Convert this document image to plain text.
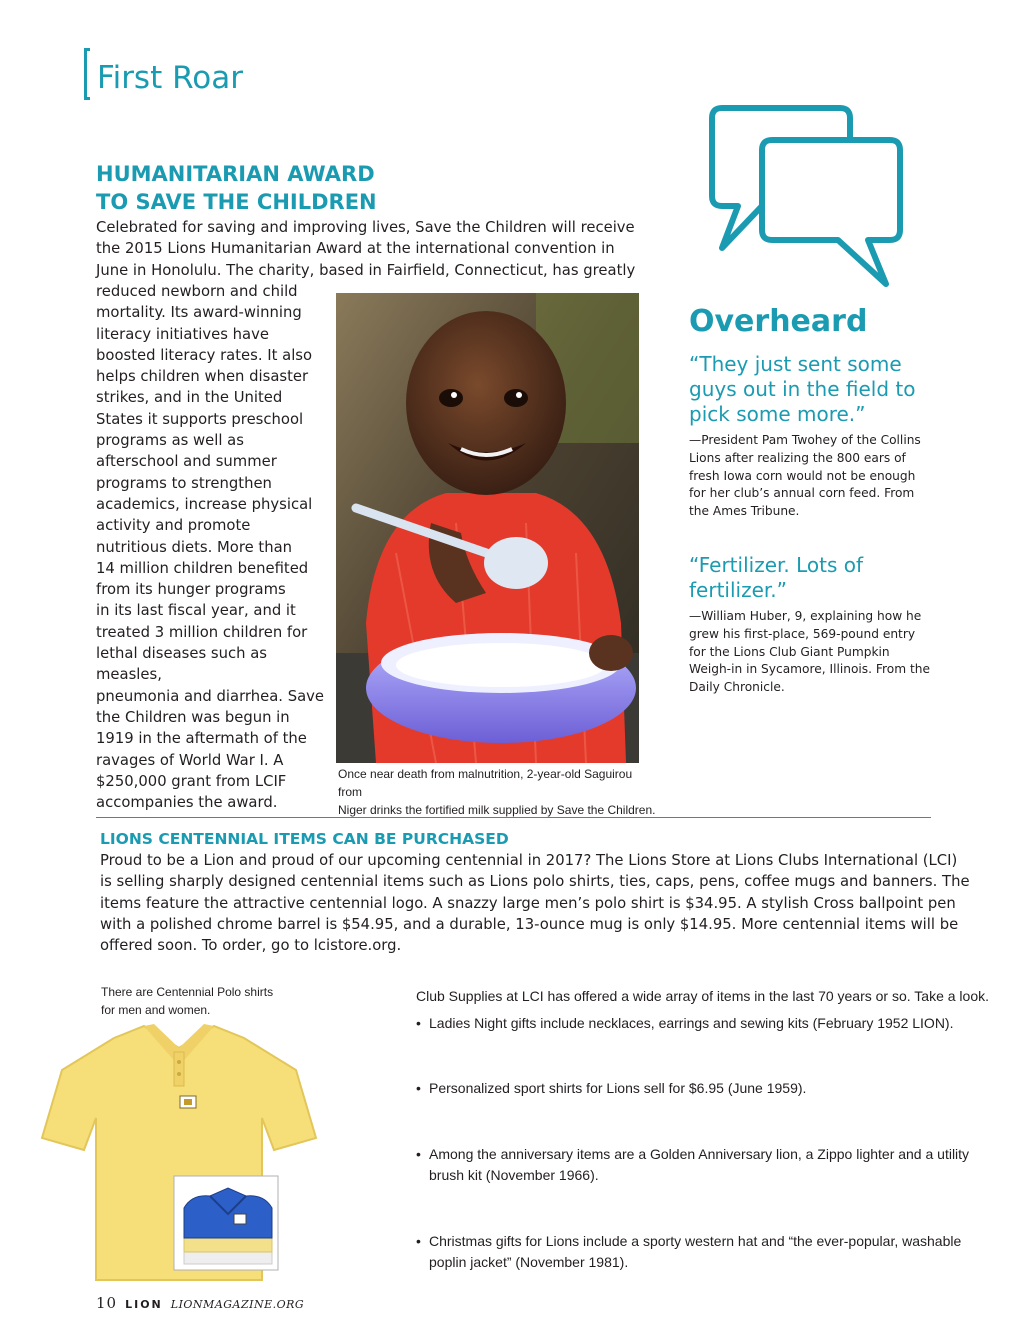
First Roar
HUMANITARIAN AWARD
TO SAVE THE CHILDREN
Celebrated for saving and improving lives, Save the Children will receive
the 2015 Lions Humanitarian Award at the international convention in
June in Honolulu. The charity, based in Fairfield, Connecticut, has greatly
reduced newborn and child
mortality. Its award-winning
literacy initiatives have
boosted literacy rates. It also
helps children when disaster
strikes, and in the United
States it supports preschool
programs as well as
afterschool and summer
programs to strengthen
academics, increase physical
activity and promote
nutritious diets. More than
14 million children benefited
from its hunger programs
in its last fiscal year, and it
treated 3 million children for
lethal diseases such as measles,
pneumonia and diarrhea. Save
the Children was begun in
1919 in the aftermath of the
ravages of World War I. A
$250,000 grant from LCIF
accompanies the award.
Once near death from malnutrition, 2-year-old Saguirou from
Niger drinks the fortified milk supplied by Save the Children.
Overheard
“They just sent some
guys out in the field to
pick some more.”
—President Pam Twohey of the Collins
Lions after realizing the 800 ears of
fresh Iowa corn would not be enough
for her club’s annual corn feed. From
the Ames Tribune.
“Fertilizer. Lots of
fertilizer.”
—William Huber, 9, explaining how he
grew his first-place, 569-pound entry
for the Lions Club Giant Pumpkin
Weigh-in in Sycamore, Illinois. From the
Daily Chronicle.
LIONS CENTENNIAL ITEMS CAN BE PURCHASED
Proud to be a Lion and proud of our upcoming centennial in 2017? The Lions Store at Lions Clubs International (LCI)
is selling sharply designed centennial items such as Lions polo shirts, ties, caps, pens, coffee mugs and banners. The
items feature the attractive centennial logo. A snazzy large men’s polo shirt is $34.95. A stylish Cross ballpoint pen
with a polished chrome barrel is $54.95, and a durable, 13-ounce mug is only $14.95. More centennial items will be
offered soon. To order, go to lcistore.org.
There are Centennial Polo shirts
for men and women.
Club Supplies at LCI has offered a wide array of items in the last 70 years or so. Take a look.
• Ladies Night gifts include necklaces, earrings and sewing kits (February 1952 LION).
• Personalized sport shirts for Lions sell for $6.95 (June 1959).
• Among the anniversary items are a Golden Anniversary lion, a Zippo lighter and a utility
brush kit (November 1966).
• Christmas gifts for Lions include a sporty western hat and “the ever-popular, washable
poplin jacket” (November 1981).
10 LION LIONMAGAZINE.ORG
